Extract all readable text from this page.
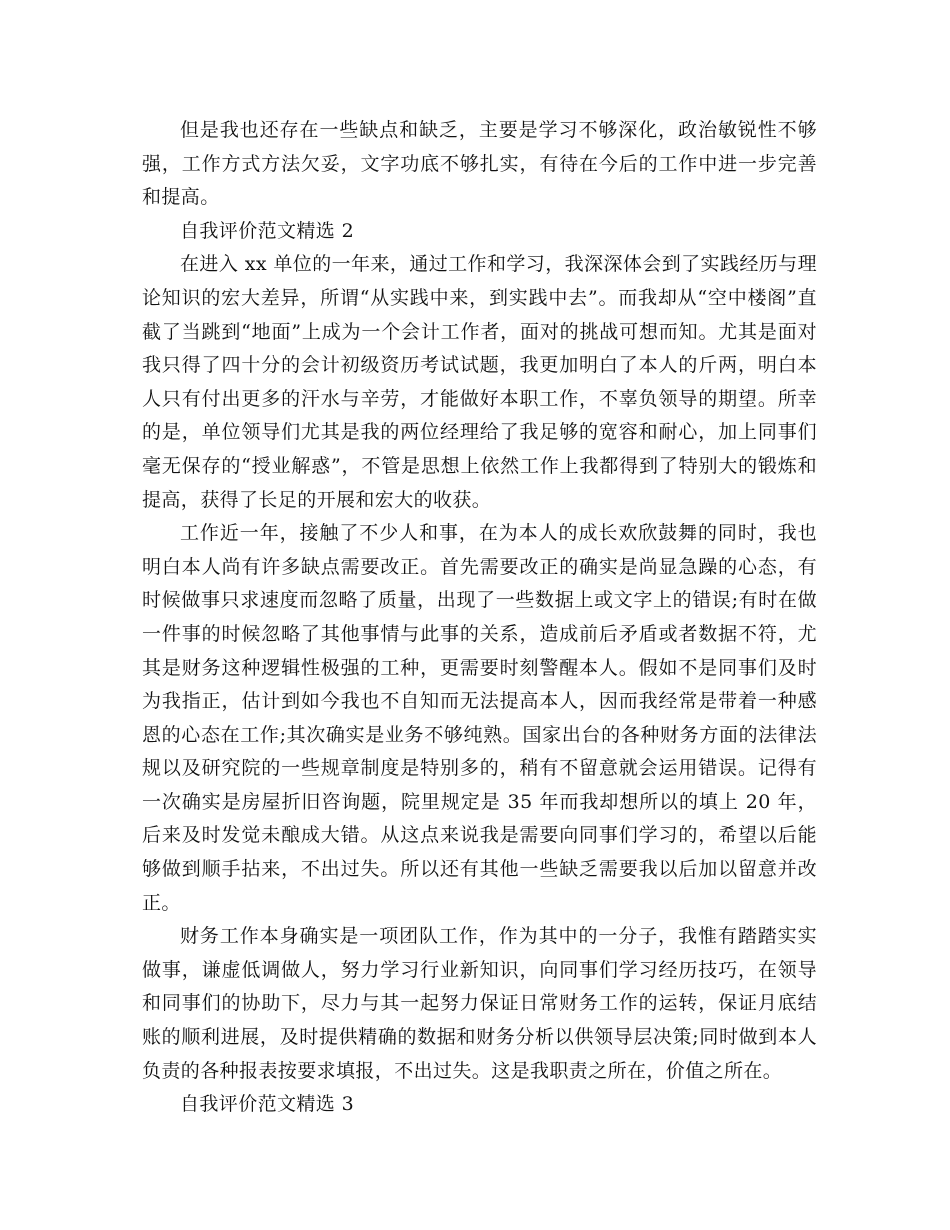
但是我也还存在一些缺点和缺乏，主要是学习不够深化，政治敏锐性不够强，工作方式方法欠妥，文字功底不够扎实，有待在今后的工作中进一步完善和提高。

自我评价范文精选 2

在进入 xx 单位的一年来，通过工作和学习，我深深体会到了实践经历与理论知识的宏大差异，所谓“从实践中来，到实践中去”。而我却从“空中楼阁”直截了当跳到“地面”上成为一个会计工作者，面对的挑战可想而知。尤其是面对我只得了四十分的会计初级资历考试试题，我更加明白了本人的斤两，明白本人只有付出更多的汗水与辛劳，才能做好本职工作，不辜负领导的期望。所幸的是，单位领导们尤其是我的两位经理给了我足够的宽容和耐心，加上同事们毫无保存的“授业解惑”，不管是思想上依然工作上我都得到了特别大的锻炼和提高，获得了长足的开展和宏大的收获。

工作近一年，接触了不少人和事，在为本人的成长欢欣鼓舞的同时，我也明白本人尚有许多缺点需要改正。首先需要改正的确实是尚显急躁的心态，有时候做事只求速度而忽略了质量，出现了一些数据上或文字上的错误;有时在做一件事的时候忽略了其他事情与此事的关系，造成前后矛盾或者数据不符，尤其是财务这种逻辑性极强的工种，更需要时刻警醒本人。假如不是同事们及时为我指正，估计到如今我也不自知而无法提高本人，因而我经常是带着一种感恩的心态在工作;其次确实是业务不够纯熟。国家出台的各种财务方面的法律法规以及研究院的一些规章制度是特别多的，稍有不留意就会运用错误。记得有一次确实是房屋折旧咨询题，院里规定是 35 年而我却想所以的填上 20 年，后来及时发觉未酿成大错。从这点来说我是需要向同事们学习的，希望以后能够做到顺手拈来，不出过失。所以还有其他一些缺乏需要我以后加以留意并改正。

财务工作本身确实是一项团队工作，作为其中的一分子，我惟有踏踏实实做事，谦虚低调做人，努力学习行业新知识，向同事们学习经历技巧，在领导和同事们的协助下，尽力与其一起努力保证日常财务工作的运转，保证月底结账的顺利进展，及时提供精确的数据和财务分析以供领导层决策;同时做到本人负责的各种报表按要求填报，不出过失。这是我职责之所在，价值之所在。

自我评价范文精选 3
